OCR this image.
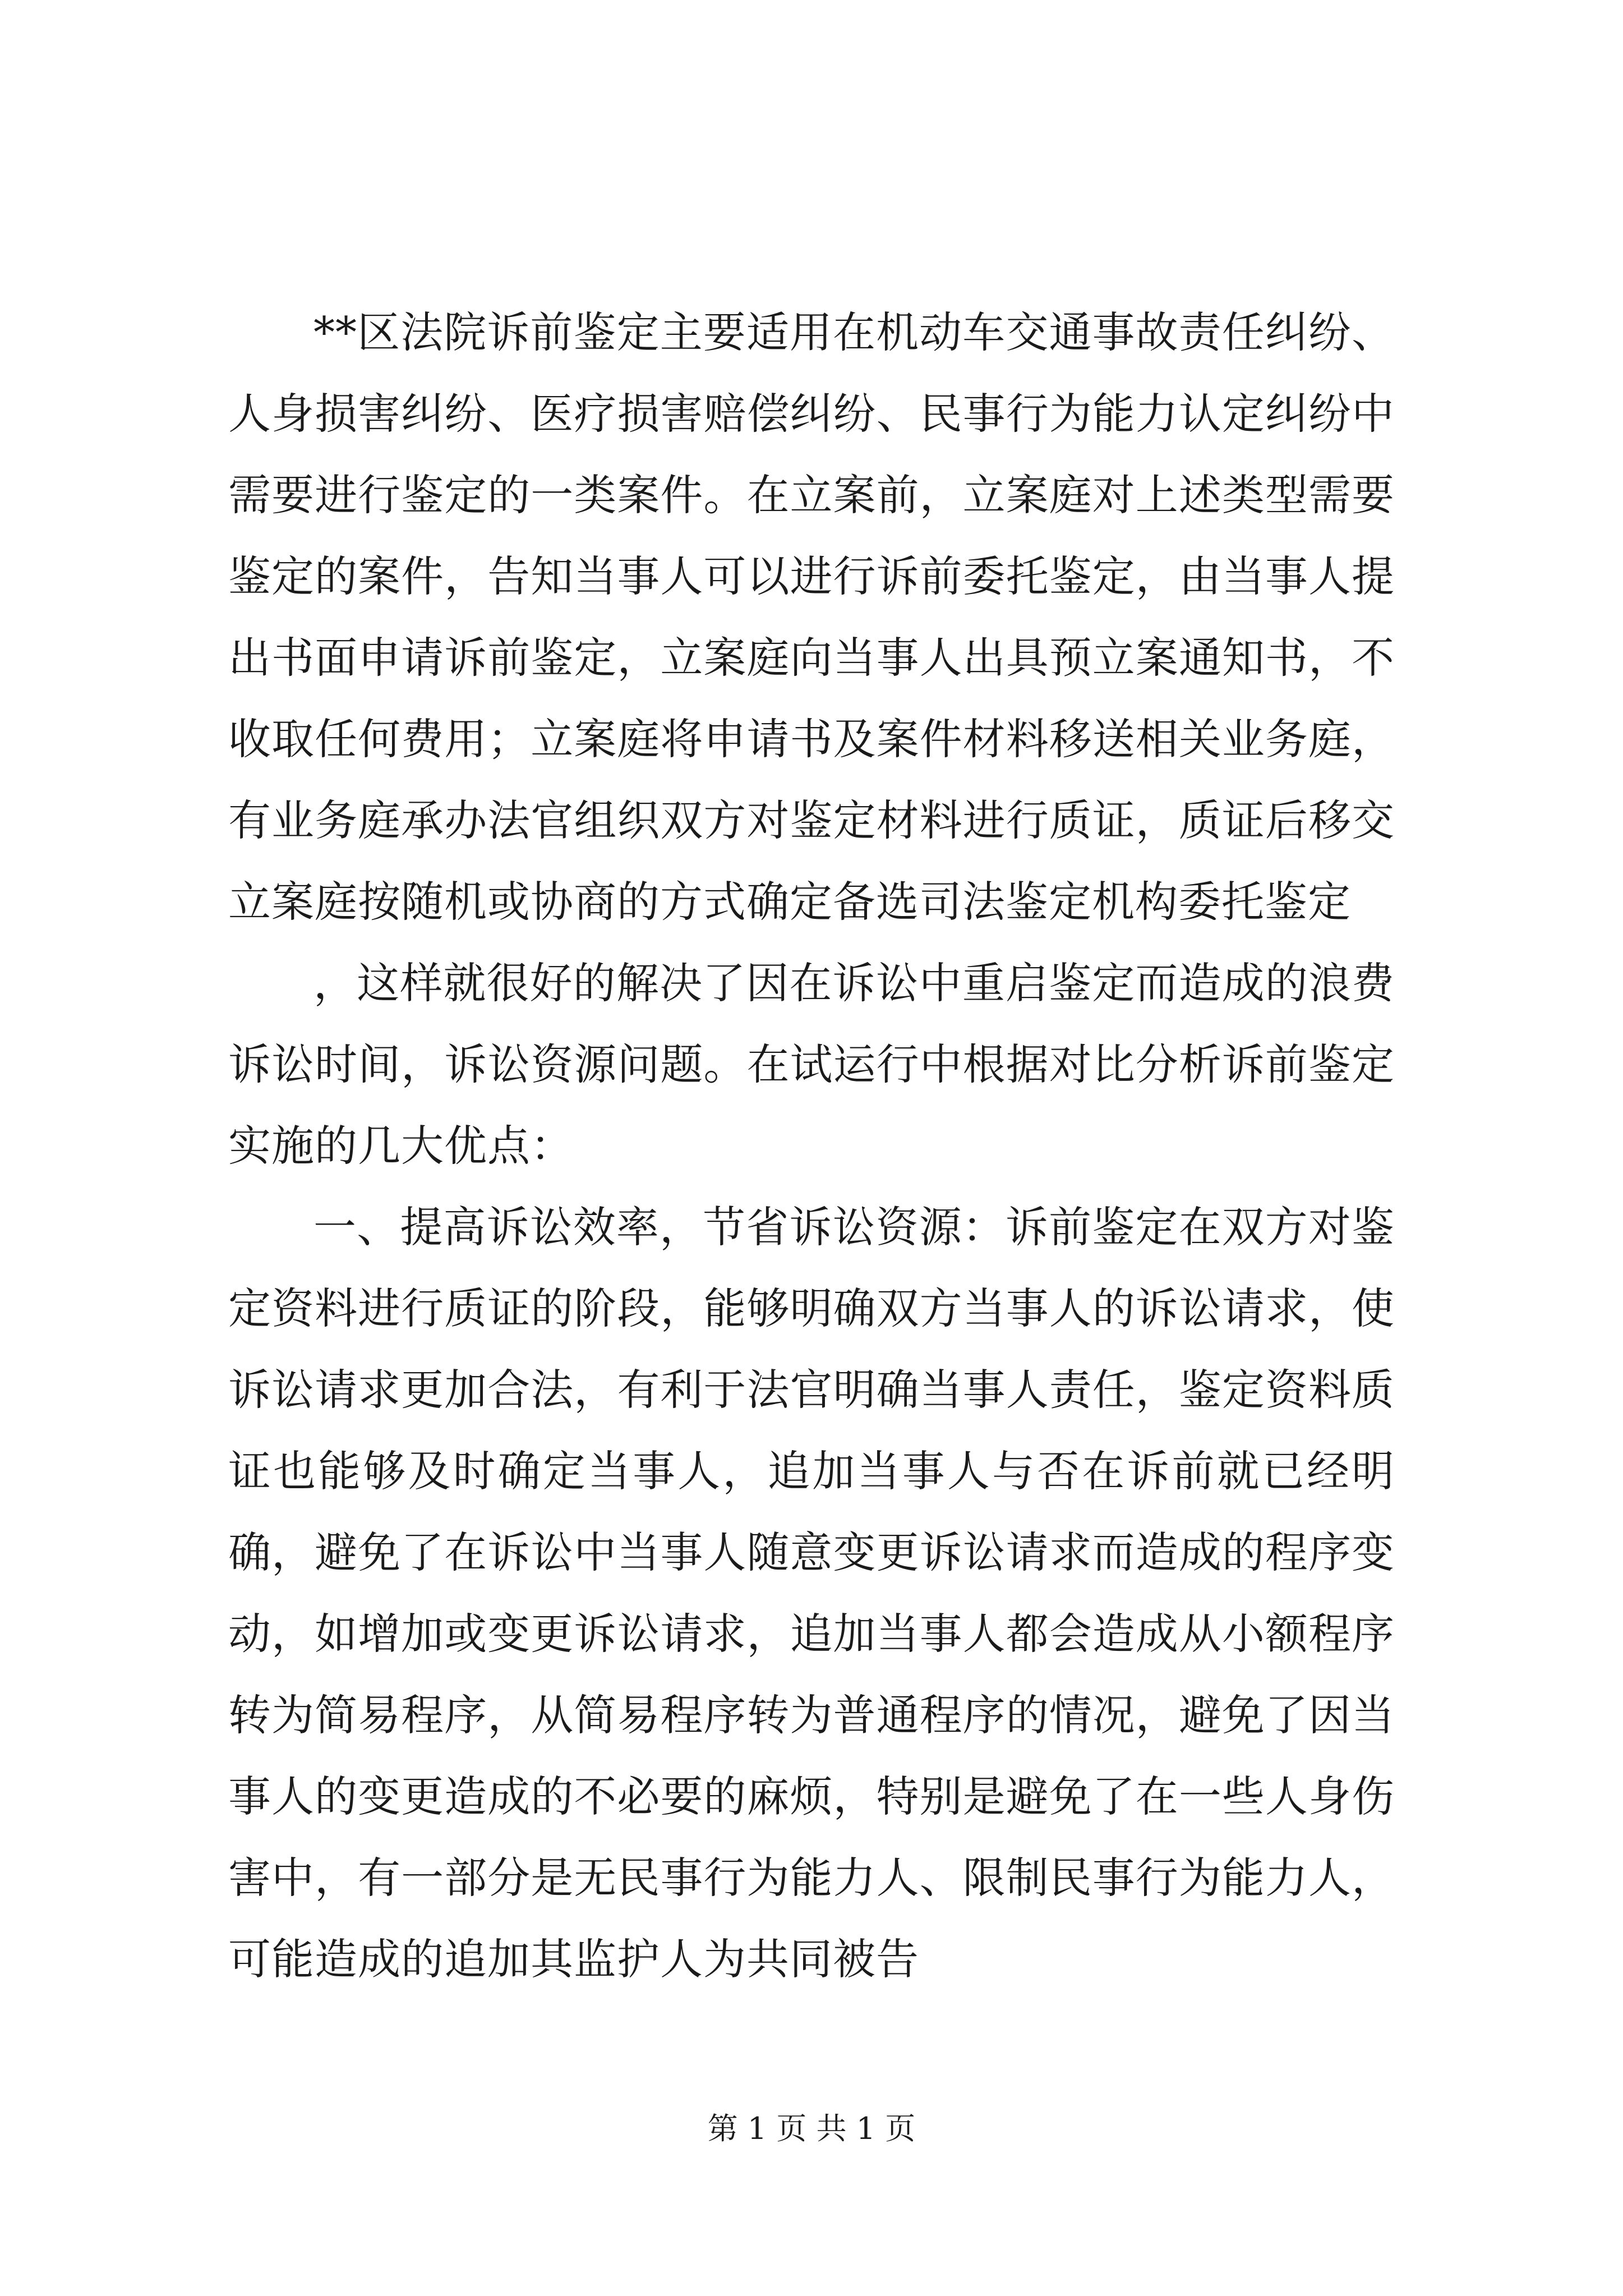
**区法院诉前鉴定主要适用在机动车交通事故责任纠纷、人身损害纠纷、医疗损害赔偿纠纷、民事行为能力认定纠纷中需要进行鉴定的一类案件。在立案前，立案庭对上述类型需要鉴定的案件，告知当事人可以进行诉前委托鉴定，由当事人提出书面申请诉前鉴定，立案庭向当事人出具预立案通知书，不收取任何费用；立案庭将申请书及案件材料移送相关业务庭，有业务庭承办法官组织双方对鉴定材料进行质证，质证后移交立案庭按随机或协商的方式确定备选司法鉴定机构委托鉴定

，这样就很好的解决了因在诉讼中重启鉴定而造成的浪费诉讼时间，诉讼资源问题。在试运行中根据对比分析诉前鉴定实施的几大优点：

一、提高诉讼效率，节省诉讼资源：诉前鉴定在双方对鉴定资料进行质证的阶段，能够明确双方当事人的诉讼请求，使诉讼请求更加合法，有利于法官明确当事人责任，鉴定资料质证也能够及时确定当事人，追加当事人与否在诉前就已经明确，避免了在诉讼中当事人随意变更诉讼请求而造成的程序变动，如增加或变更诉讼请求，追加当事人都会造成从小额程序转为简易程序，从简易程序转为普通程序的情况，避免了因当事人的变更造成的不必要的麻烦，特别是避免了在一些人身伤害中，有一部分是无民事行为能力人、限制民事行为能力人，可能造成的追加其监护人为共同被告

第 1 页 共 1 页
